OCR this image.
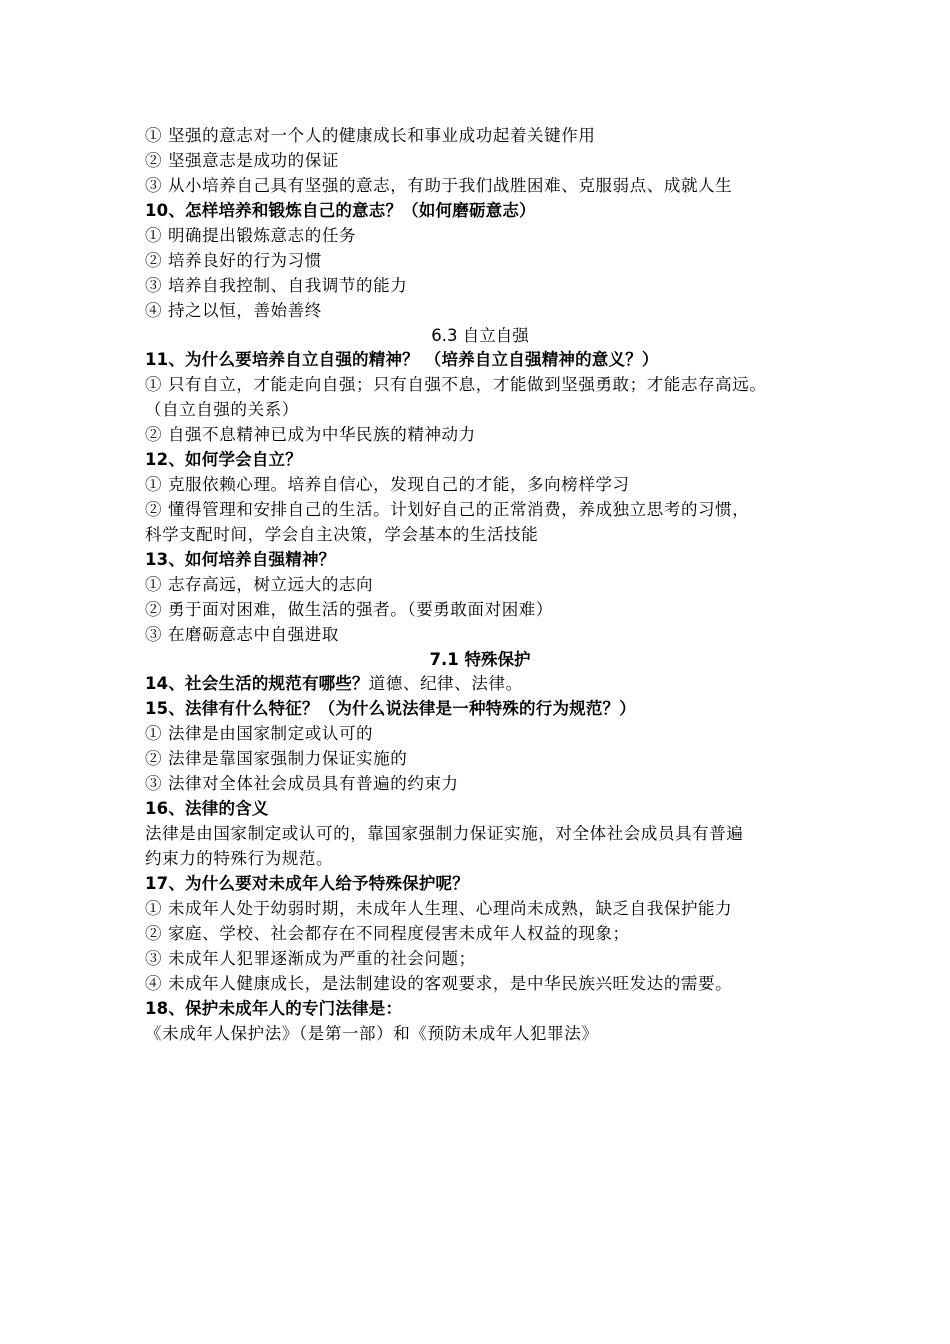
① 坚强的意志对一个人的健康成长和事业成功起着关键作用
② 坚强意志是成功的保证
③ 从小培养自己具有坚强的意志，有助于我们战胜困难、克服弱点、成就人生
10、怎样培养和锻炼自己的意志？（如何磨砺意志）
① 明确提出锻炼意志的任务
② 培养良好的行为习惯
③ 培养自我控制、自我调节的能力
④ 持之以恒，善始善终
6.3 自立自强
11、为什么要培养自立自强的精神？ （培养自立自强精神的意义？）
① 只有自立，才能走向自强；只有自强不息，才能做到坚强勇敢；才能志存高远。
（自立自强的关系）
② 自强不息精神已成为中华民族的精神动力
12、如何学会自立？
① 克服依赖心理。培养自信心，发现自己的才能，多向榜样学习
② 懂得管理和安排自己的生活。计划好自己的正常消费，养成独立思考的习惯，
科学支配时间，学会自主决策，学会基本的生活技能
13、如何培养自强精神？
① 志存高远，树立远大的志向
② 勇于面对困难，做生活的强者。（要勇敢面对困难）
③ 在磨砺意志中自强进取
7.1 特殊保护
14、社会生活的规范有哪些？道德、纪律、法律。
15、法律有什么特征？（为什么说法律是一种特殊的行为规范？）
① 法律是由国家制定或认可的
② 法律是靠国家强制力保证实施的
③ 法律对全体社会成员具有普遍的约束力
16、法律的含义
法律是由国家制定或认可的，靠国家强制力保证实施，对全体社会成员具有普遍
约束力的特殊行为规范。
17、为什么要对未成年人给予特殊保护呢？
① 未成年人处于幼弱时期，未成年人生理、心理尚未成熟，缺乏自我保护能力
② 家庭、学校、社会都存在不同程度侵害未成年人权益的现象；
③ 未成年人犯罪逐渐成为严重的社会问题；
④ 未成年人健康成长，是法制建设的客观要求，是中华民族兴旺发达的需要。
18、保护未成年人的专门法律是：
《未成年人保护法》（是第一部）和《预防未成年人犯罪法》
